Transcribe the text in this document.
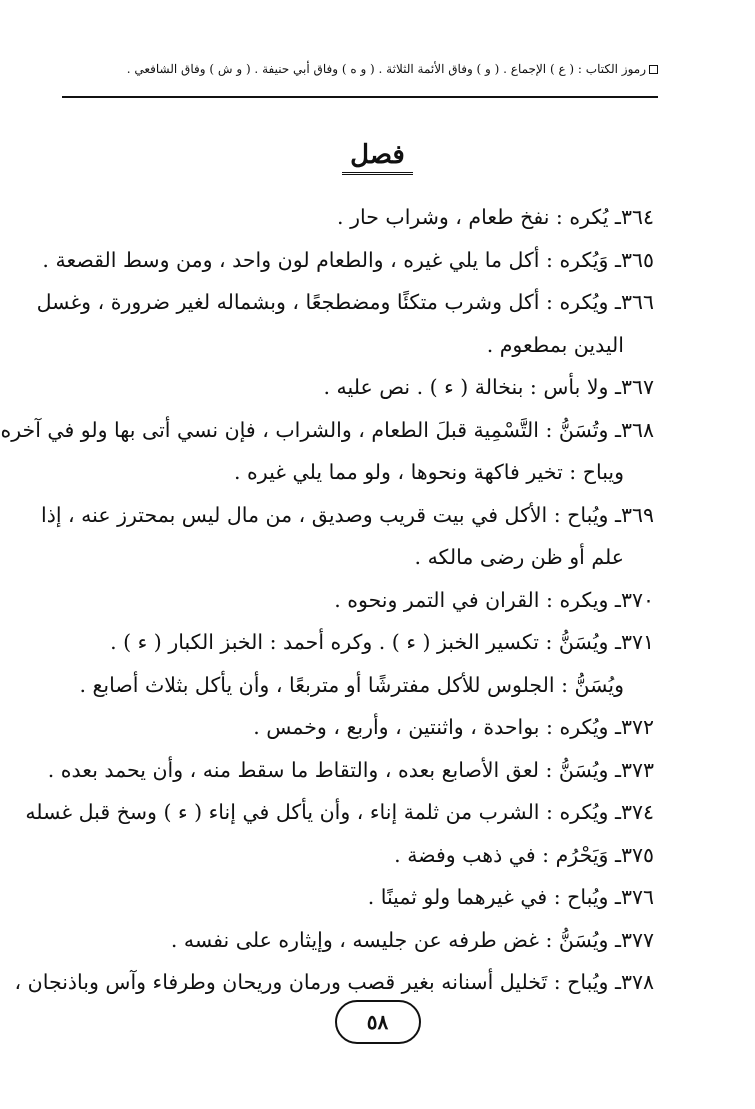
رموز الكتاب : ( ع ) الإجماع . ( و ) وفاق الأئمة الثلاثة . ( و ه ) وفاق أبي حنيفة . ( و ش ) وفاق الشافعي .
فصل
٣٦٤ـ يُكره : نفخ طعام ، وشراب حار .
٣٦٥ـ وَيُكره : أكل ما يلي غيره ، والطعام لون واحد ، ومن وسط القصعة .
٣٦٦ـ ويُكره : أكل وشرب متكئًا ومضطجعًا ، وبشماله لغير ضرورة ، وغسل
اليدين بمطعوم .
٣٦٧ـ ولا بأس : بنخالة ( ء ) . نص عليه .
٣٦٨ـ وتُسَنُّ : التَّسْمِية قبلَ الطعام ، والشراب ، فإن نسي أتى بها ولو في آخره
ويباح : تخير فاكهة ونحوها ، ولو مما يلي غيره .
٣٦٩ـ ويُباح : الأكل في بيت قريب وصديق ، من مال ليس بمحترز عنه ، إذا
علم أو ظن رضى مالكه .
٣٧٠ـ ويكره : القران في التمر ونحوه .
٣٧١ـ ويُسَنُّ : تكسير الخبز ( ء ) . وكره أحمد : الخبز الكبار ( ء ) .
ويُسَنُّ : الجلوس للأكل مفترشًا أو متربعًا ، وأن يأكل بثلاث أصابع .
٣٧٢ـ ويُكره : بواحدة ، واثنتين ، وأربع ، وخمس .
٣٧٣ـ ويُسَنُّ : لعق الأصابع بعده ، والتقاط ما سقط منه ، وأن يحمد بعده .
٣٧٤ـ ويُكره : الشرب من ثلمة إناء ، وأن يأكل في إناء ( ء ) وسخ قبل غسله
٣٧٥ـ وَيَحْرُم : في ذهب وفضة .
٣٧٦ـ ويُباح : في غيرهما ولو ثمينًا .
٣٧٧ـ ويُسَنُّ : غض طرفه عن جليسه ، وإيثاره على نفسه .
٣٧٨ـ ويُباح : تَخليل أسنانه بغير قصب ورمان وريحان وطرفاء وآس وباذنجان ،
٥٨
